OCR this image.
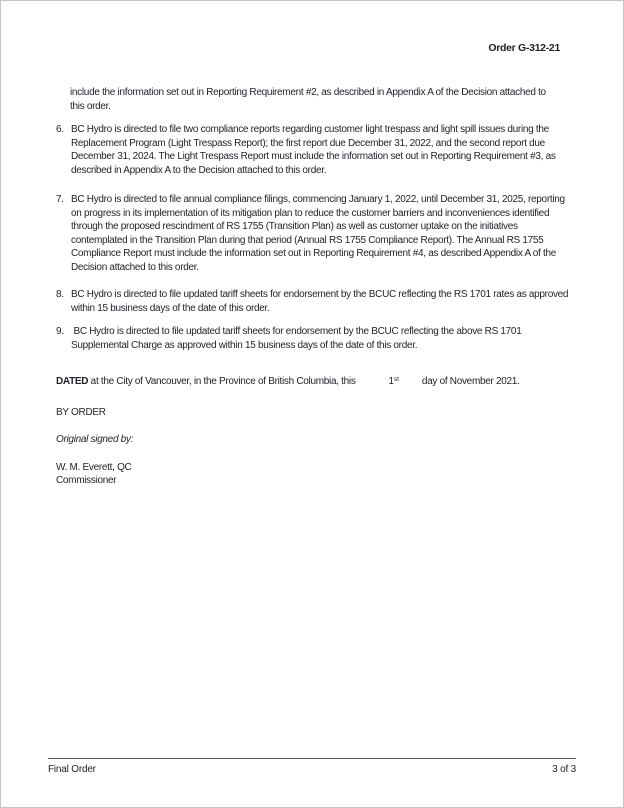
Order G-312-21

include the information set out in Reporting Requirement #2, as described in Appendix A of the Decision attached to this order.

6. BC Hydro is directed to file two compliance reports regarding customer light trespass and light spill issues during the Replacement Program (Light Trespass Report); the first report due December 31, 2022, and the second report due December 31, 2024. The Light Trespass Report must include the information set out in Reporting Requirement #3, as described in Appendix A to the Decision attached to this order.
7. BC Hydro is directed to file annual compliance filings, commencing January 1, 2022, until December 31, 2025, reporting on progress in its implementation of its mitigation plan to reduce the customer barriers and inconveniences identified through the proposed rescindment of RS 1755 (Transition Plan) as well as customer uptake on the initiatives contemplated in the Transition Plan during that period (Annual RS 1755 Compliance Report). The Annual RS 1755 Compliance Report must include the information set out in Reporting Requirement #4, as described Appendix A of the Decision attached to this order.
8. BC Hydro is directed to file updated tariff sheets for endorsement by the BCUC reflecting the RS 1701 rates as approved within 15 business days of the date of this order.
9. BC Hydro is directed to file updated tariff sheets for endorsement by the BCUC reflecting the above RS 1701 Supplemental Charge as approved within 15 business days of the date of this order.

DATED at the City of Vancouver, in the Province of British Columbia, this	1st day of November 2021.

BY ORDER

Original signed by:

W. M. Everett, QC
Commissioner
Final Order	3 of 3
